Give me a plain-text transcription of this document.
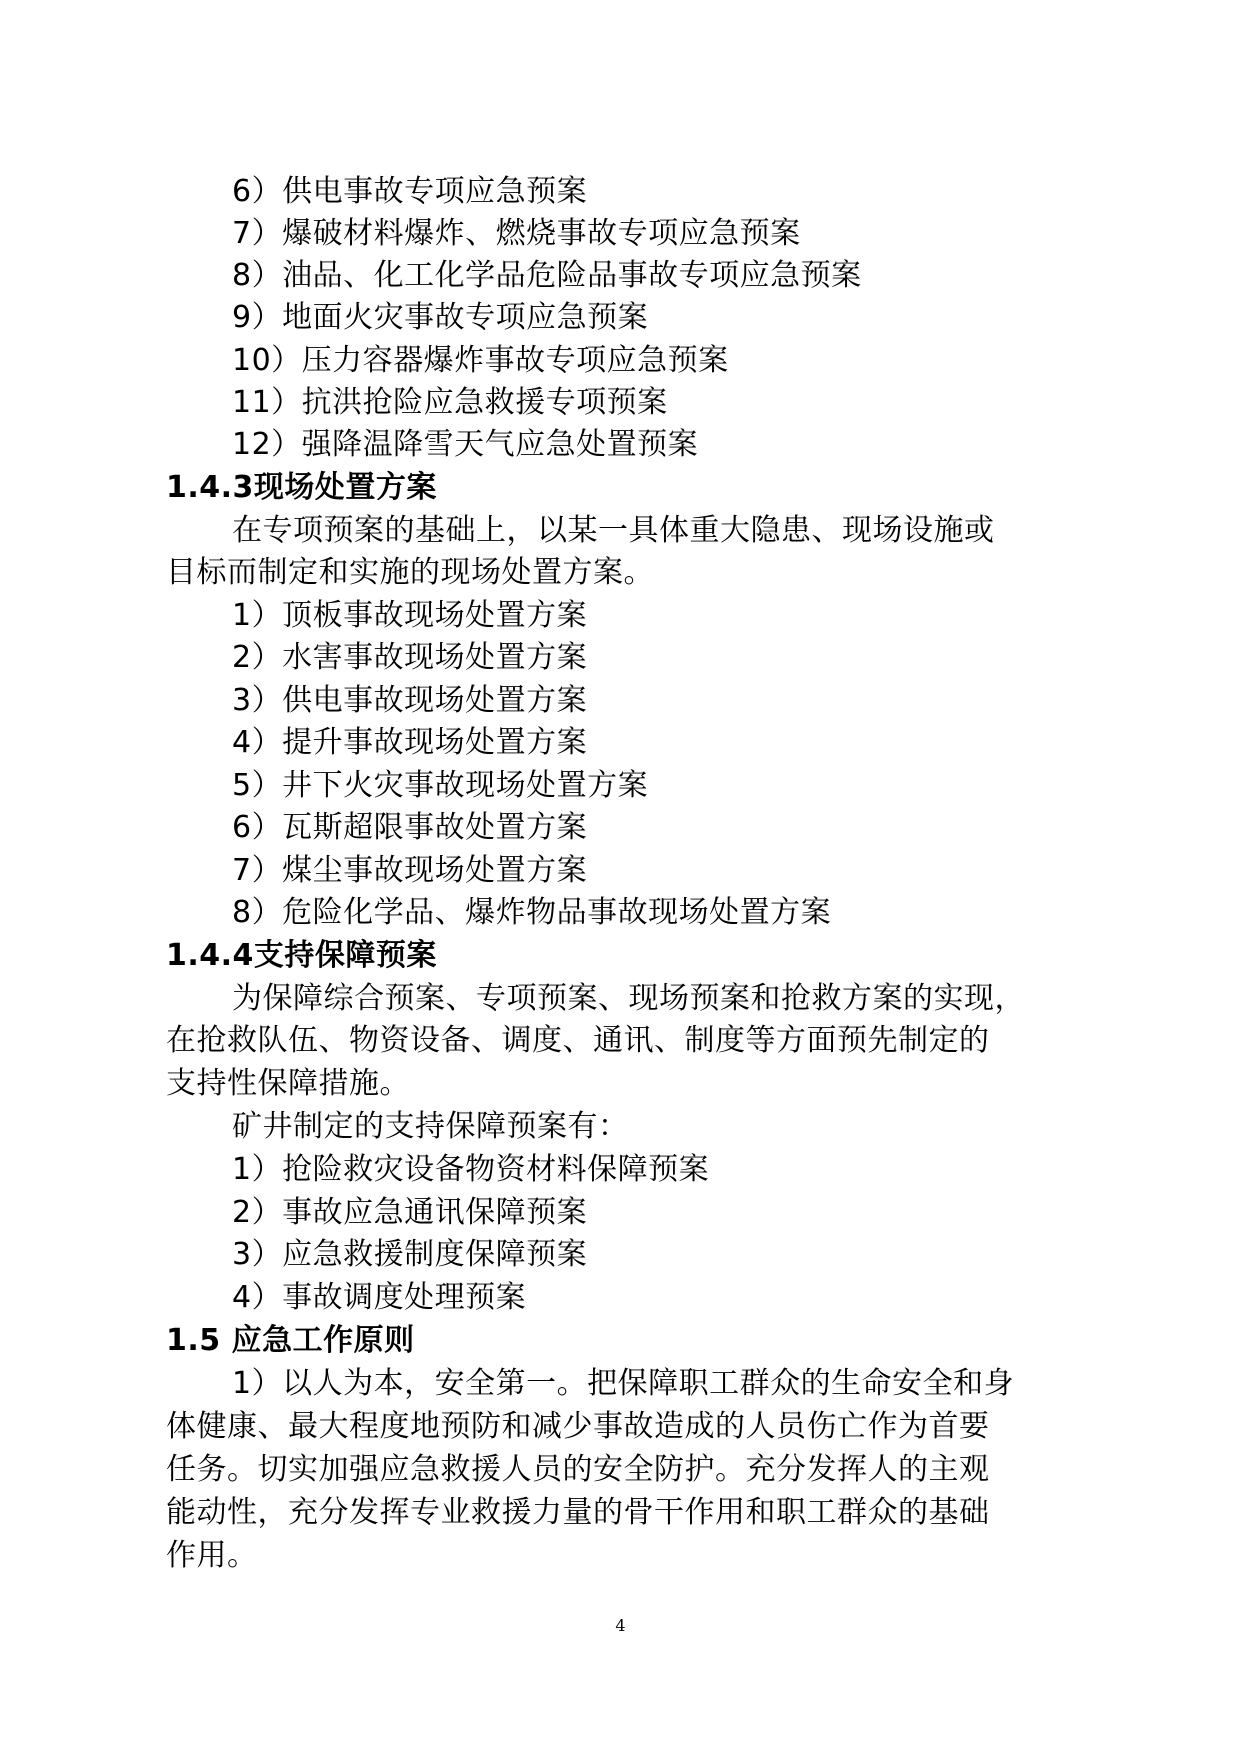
6）供电事故专项应急预案
7）爆破材料爆炸、燃烧事故专项应急预案
8）油品、化工化学品危险品事故专项应急预案
9）地面火灾事故专项应急预案
10）压力容器爆炸事故专项应急预案
11）抗洪抢险应急救援专项预案
12）强降温降雪天气应急处置预案
1.4.3现场处置方案
在专项预案的基础上，以某一具体重大隐患、现场设施或
目标而制定和实施的现场处置方案。
1）顶板事故现场处置方案
2）水害事故现场处置方案
3）供电事故现场处置方案
4）提升事故现场处置方案
5）井下火灾事故现场处置方案
6）瓦斯超限事故处置方案
7）煤尘事故现场处置方案
8）危险化学品、爆炸物品事故现场处置方案
1.4.4支持保障预案
为保障综合预案、专项预案、现场预案和抢救方案的实现，
在抢救队伍、物资设备、调度、通讯、制度等方面预先制定的
支持性保障措施。
矿井制定的支持保障预案有：
1）抢险救灾设备物资材料保障预案
2）事故应急通讯保障预案
3）应急救援制度保障预案
4）事故调度处理预案
1.5 应急工作原则
1）以人为本，安全第一。把保障职工群众的生命安全和身
体健康、最大程度地预防和减少事故造成的人员伤亡作为首要
任务。切实加强应急救援人员的安全防护。充分发挥人的主观
能动性，充分发挥专业救援力量的骨干作用和职工群众的基础
作用。
4
